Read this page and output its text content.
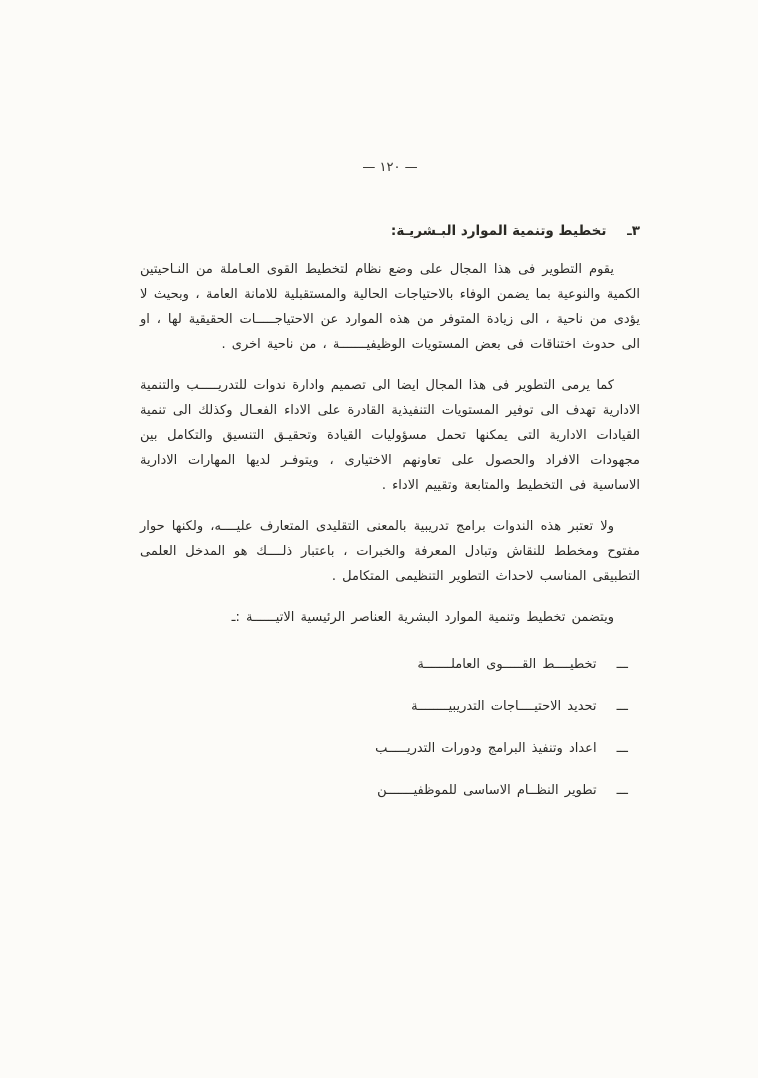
— ١٢٠ —
٣ـ تخطيط وتنمية الموارد البـشريـة:

يقوم التطوير فى هذا المجال على وضع نظام لتخطيط القوى العـاملة من النـاحيتين الكمية والنوعية بما يضمن الوفاء بالاحتياجات الحالية والمستقبلية للامانة العامة ، وبحيث لا يؤدى من ناحية ، الى زيادة المتوفر من هذه الموارد عن الاحتياجـــــات الحقيقية لها ، او الى حدوث اختناقات فى بعض المستويات الوظيفيـــــــة ، من ناحية اخرى .

كما يرمى التطوير فى هذا المجال ايضا الى تصميم وادارة ندوات للتدريـــــب والتنمية الادارية تهدف الى توفير المستويات التنفيذية القادرة على الاداء الفعـال وكذلك الى تنمية القيادات الادارية التى يمكنها تحمل مسؤوليات القيادة وتحقيـق التنسيق والتكامل بين مجهودات الافراد والحصول على تعاونهم الاختيارى ، ويتوفـر لديها المهارات الادارية الاساسية فى التخطيط والمتابعة وتقييم الاداء .

ولا تعتبر هذه الندوات برامج تدريبية بالمعنى التقليدى المتعارف عليــــه، ولكنها حوار مفتوح ومخطط للنقاش وتبادل المعرفة والخبرات ، باعتبار ذلــــك هو المدخل العلمى التطبيقى المناسب لاحداث التطوير التنظيمى المتكامل .

ويتضمن تخطيط وتنمية الموارد البشرية العناصر الرئيسية الاتيــــــة :ـ

ـــ
تخطيــــط القـــــوى العاملـــــــة
ـــ
تحديد الاحتيــــاجات التدريبيــــــــة
ـــ
اعداد وتنفيذ البرامج ودورات التدريـــــب
ـــ
تطوير النظــام الاساسى للموظفيـــــــن
